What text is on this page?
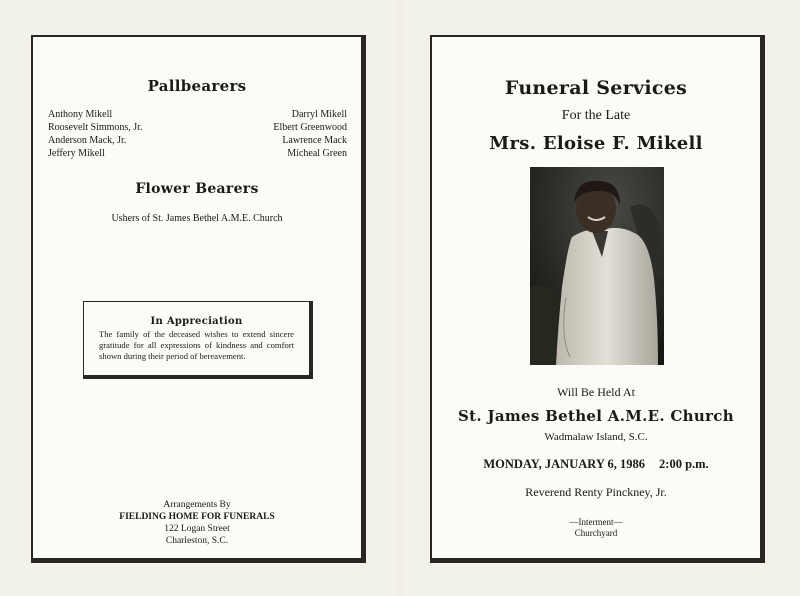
Pallbearers
Anthony Mikell
Roosevelt Simmons, Jr.
Anderson Mack, Jr.
Jeffery Mikell
Darryl Mikell
Elbert Greenwood
Lawrence Mack
Micheal Green
Flower Bearers
Ushers of St. James Bethel A.M.E. Church
In Appreciation
The family of the deceased wishes to extend sincere gratitude for all expressions of kindness and comfort shown during their period of bereavement.
Arrangements By
FIELDING HOME FOR FUNERALS
122 Logan Street
Charleston, S.C.
Funeral Services
For the Late
Mrs. Eloise F. Mikell
Will Be Held At
St. James Bethel A.M.E. Church
Wadmalaw Island, S.C.
MONDAY, JANUARY 6, 1986 2:00 p.m.
Reverend Renty Pinckney, Jr.
—Interment—
Churchyard
